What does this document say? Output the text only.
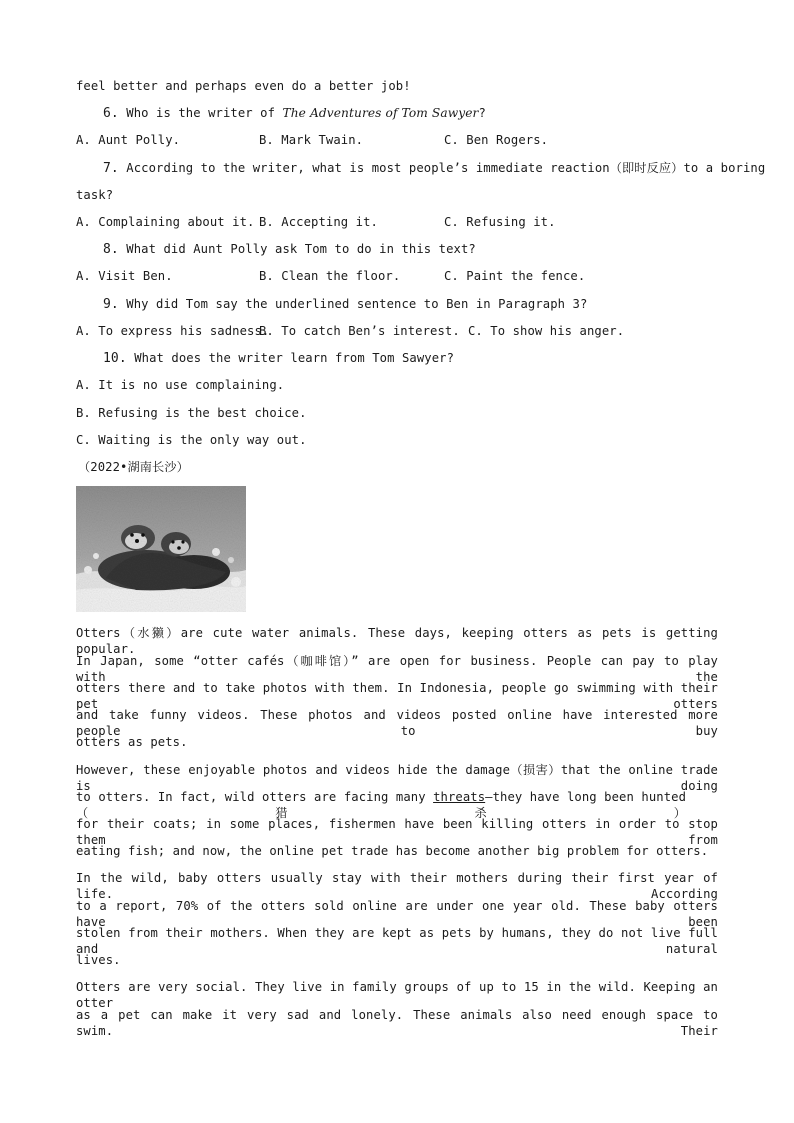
feel better and perhaps even do a better job!
6. Who is the writer of The Adventures of Tom Sawyer?
A. Aunt Polly.	B. Mark Twain.	C. Ben Rogers.
7. According to the writer, what is most people’s immediate reaction（即时反应）to a boring
task?
A. Complaining about it. B. Accepting it.	C. Refusing it.
8. What did Aunt Polly ask Tom to do in this text?
A. Visit Ben.	B. Clean the floor.	C. Paint the fence.
9. Why did Tom say the underlined sentence to Ben in Paragraph 3?
A. To express his sadness.
B. To catch Ben’s interest. C. To show his anger.
10. What does the writer learn from Tom Sawyer?
A. It is no use complaining.
B. Refusing is the best choice.
C. Waiting is the only way out.
（2022•湖南长沙）
Otters（水獭）are cute water animals. These days, keeping otters as pets is getting popular.
In Japan, some “otter cafés（咖啡馆）” are open for business. People can pay to play with the
otters there and to take photos with them. In Indonesia, people go swimming with their pet otters
and take funny videos. These photos and videos posted online have interested more people to buy
otters as pets.
However, these enjoyable photos and videos hide the damage（损害）that the online trade is doing
to otters. In fact, wild otters are facing many threats—they have long been hunted（猎杀）
for their coats; in some places, fishermen have been killing otters in order to stop them from
eating fish; and now, the online pet trade has become another big problem for otters.
In the wild, baby otters usually stay with their mothers during their first year of life. According
to a report, 70% of the otters sold online are under one year old. These baby otters have been
stolen from their mothers. When they are kept as pets by humans, they do not live full and natural
lives.
Otters are very social. They live in family groups of up to 15 in the wild. Keeping an otter
as a pet can make it very sad and lonely. These animals also need enough space to swim. Their
